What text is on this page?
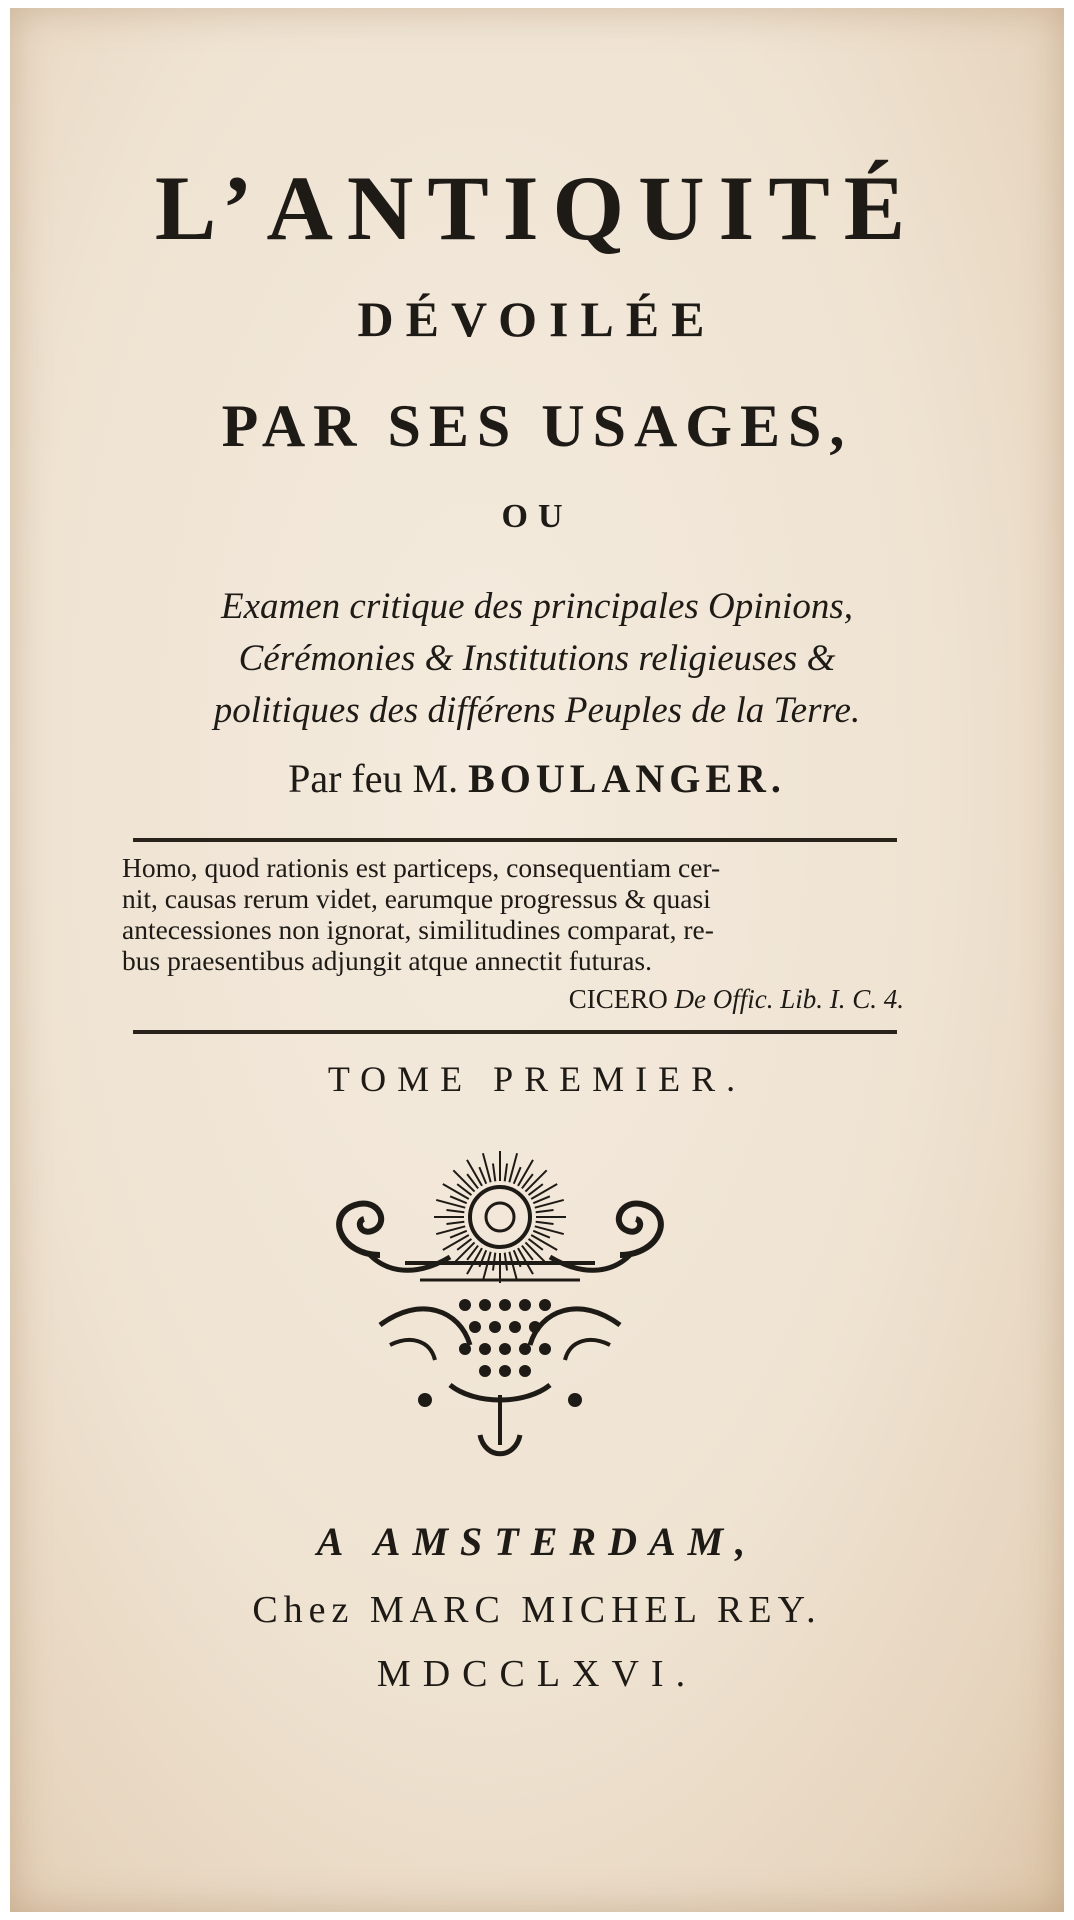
L’ANTIQUITÉ
DÉVOILÉE
PAR SES USAGES,
OU
Examen critique des principales Opinions,
Cérémonies & Institutions religieuses &
politiques des différens Peuples de la Terre.
Par feu M. BOULANGER.
Homo, quod rationis est particeps, consequentiam cer-
nit, causas rerum videt, earumque progressus & quasi
antecessiones non ignorat, similitudines comparat, re-
bus praesentibus adjungit atque annectit futuras.
CICERO De Offic. Lib. I. C. 4.
TOME PREMIER.
A AMSTERDAM,
Chez MARC MICHEL REY.
MDCCLXVI.
